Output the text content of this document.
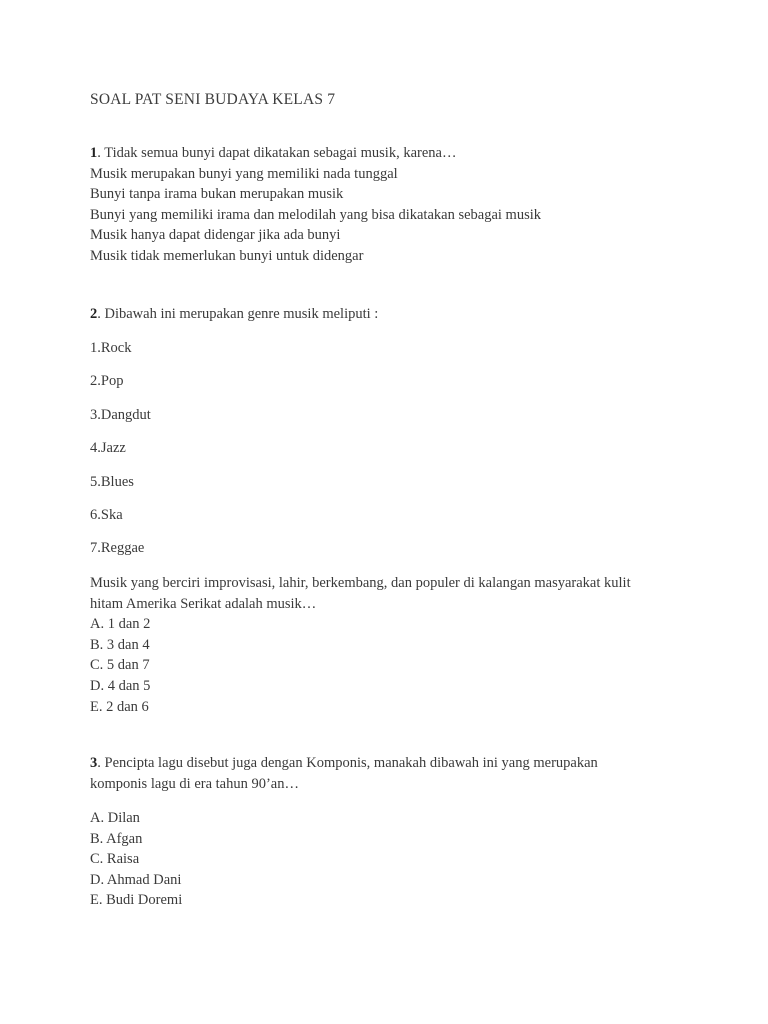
SOAL PAT SENI BUDAYA KELAS 7
1. Tidak semua bunyi dapat dikatakan sebagai musik, karena…
Musik merupakan bunyi yang memiliki nada tunggal
Bunyi tanpa irama bukan merupakan musik
Bunyi yang memiliki irama dan melodilah yang bisa dikatakan sebagai musik
Musik hanya dapat didengar jika ada bunyi
Musik tidak memerlukan bunyi untuk didengar
2. Dibawah ini merupakan genre musik meliputi :
1.Rock
2.Pop
3.Dangdut
4.Jazz
5.Blues
6.Ska
7.Reggae
Musik yang berciri improvisasi, lahir, berkembang, dan populer di kalangan masyarakat kulit hitam Amerika Serikat adalah musik…
A. 1 dan 2
B. 3 dan 4
C. 5 dan 7
D. 4 dan 5
E. 2 dan 6
3. Pencipta lagu disebut juga dengan Komponis, manakah dibawah ini yang merupakan komponis lagu di era tahun 90’an…
A. Dilan
B. Afgan
C. Raisa
D. Ahmad Dani
E. Budi Doremi
